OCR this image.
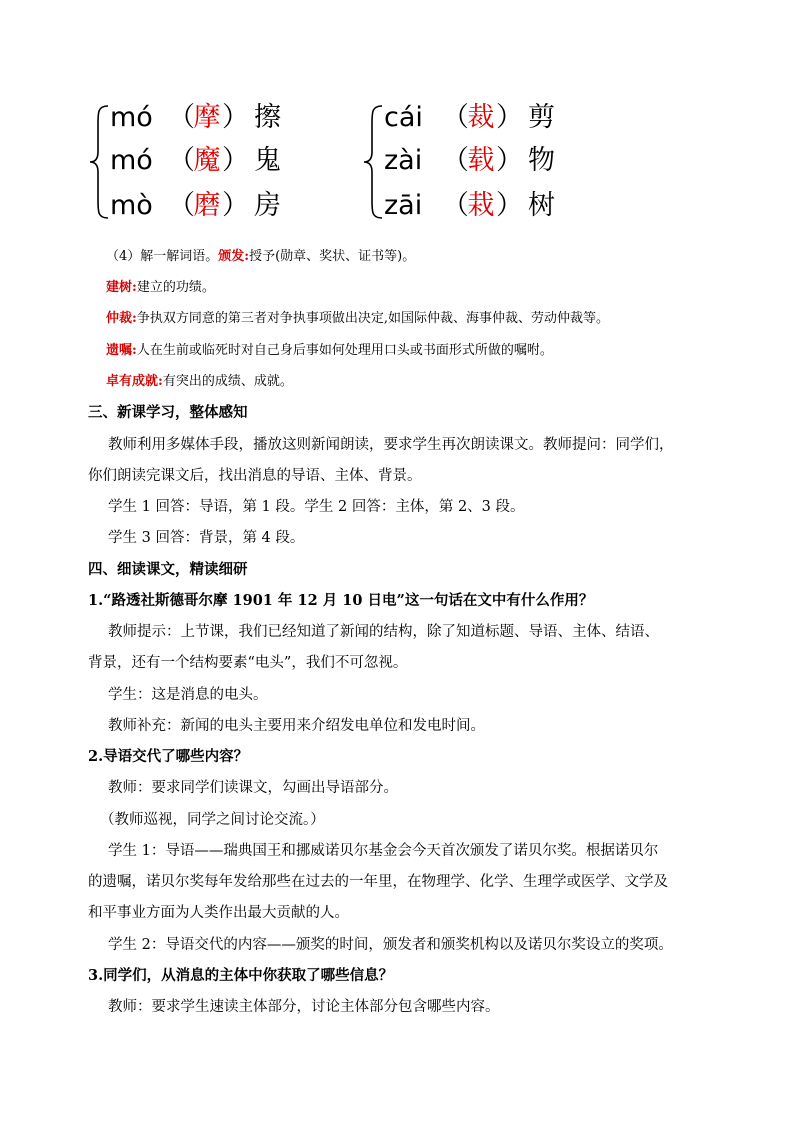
mó （摩） 擦
mó （魔） 鬼
mò （磨） 房
cái （裁） 剪
zài （载） 物
zāi （栽） 树
（4）解一解词语。颁发:授予(勋章、奖状、证书等)。
建树:建立的功绩。
仲裁:争执双方同意的第三者对争执事项做出决定,如国际仲裁、海事仲裁、劳动仲裁等。
遗嘱:人在生前或临死时对自己身后事如何处理用口头或书面形式所做的嘱咐。
卓有成就:有突出的成绩、成就。
三、新课学习，整体感知
教师利用多媒体手段，播放这则新闻朗读，要求学生再次朗读课文。教师提问：同学们，
你们朗读完课文后，找出消息的导语、主体、背景。
学生 1 回答：导语，第 1 段。学生 2 回答：主体，第 2、3 段。
学生 3 回答：背景，第 4 段。
四、细读课文，精读细研
1.“路透社斯德哥尔摩 1901 年 12 月 10 日电”这一句话在文中有什么作用？
教师提示：上节课，我们已经知道了新闻的结构，除了知道标题、导语、主体、结语、
背景，还有一个结构要素“电头”，我们不可忽视。
学生：这是消息的电头。
教师补充：新闻的电头主要用来介绍发电单位和发电时间。
2.导语交代了哪些内容？
教师：要求同学们读课文，勾画出导语部分。
（教师巡视，同学之间讨论交流。）
学生 1：导语——瑞典国王和挪威诺贝尔基金会今天首次颁发了诺贝尔奖。根据诺贝尔
的遗嘱，诺贝尔奖每年发给那些在过去的一年里，在物理学、化学、生理学或医学、文学及
和平事业方面为人类作出最大贡献的人。
学生 2：导语交代的内容——颁奖的时间，颁发者和颁奖机构以及诺贝尔奖设立的奖项。
3.同学们，从消息的主体中你获取了哪些信息？
教师：要求学生速读主体部分，讨论主体部分包含哪些内容。
